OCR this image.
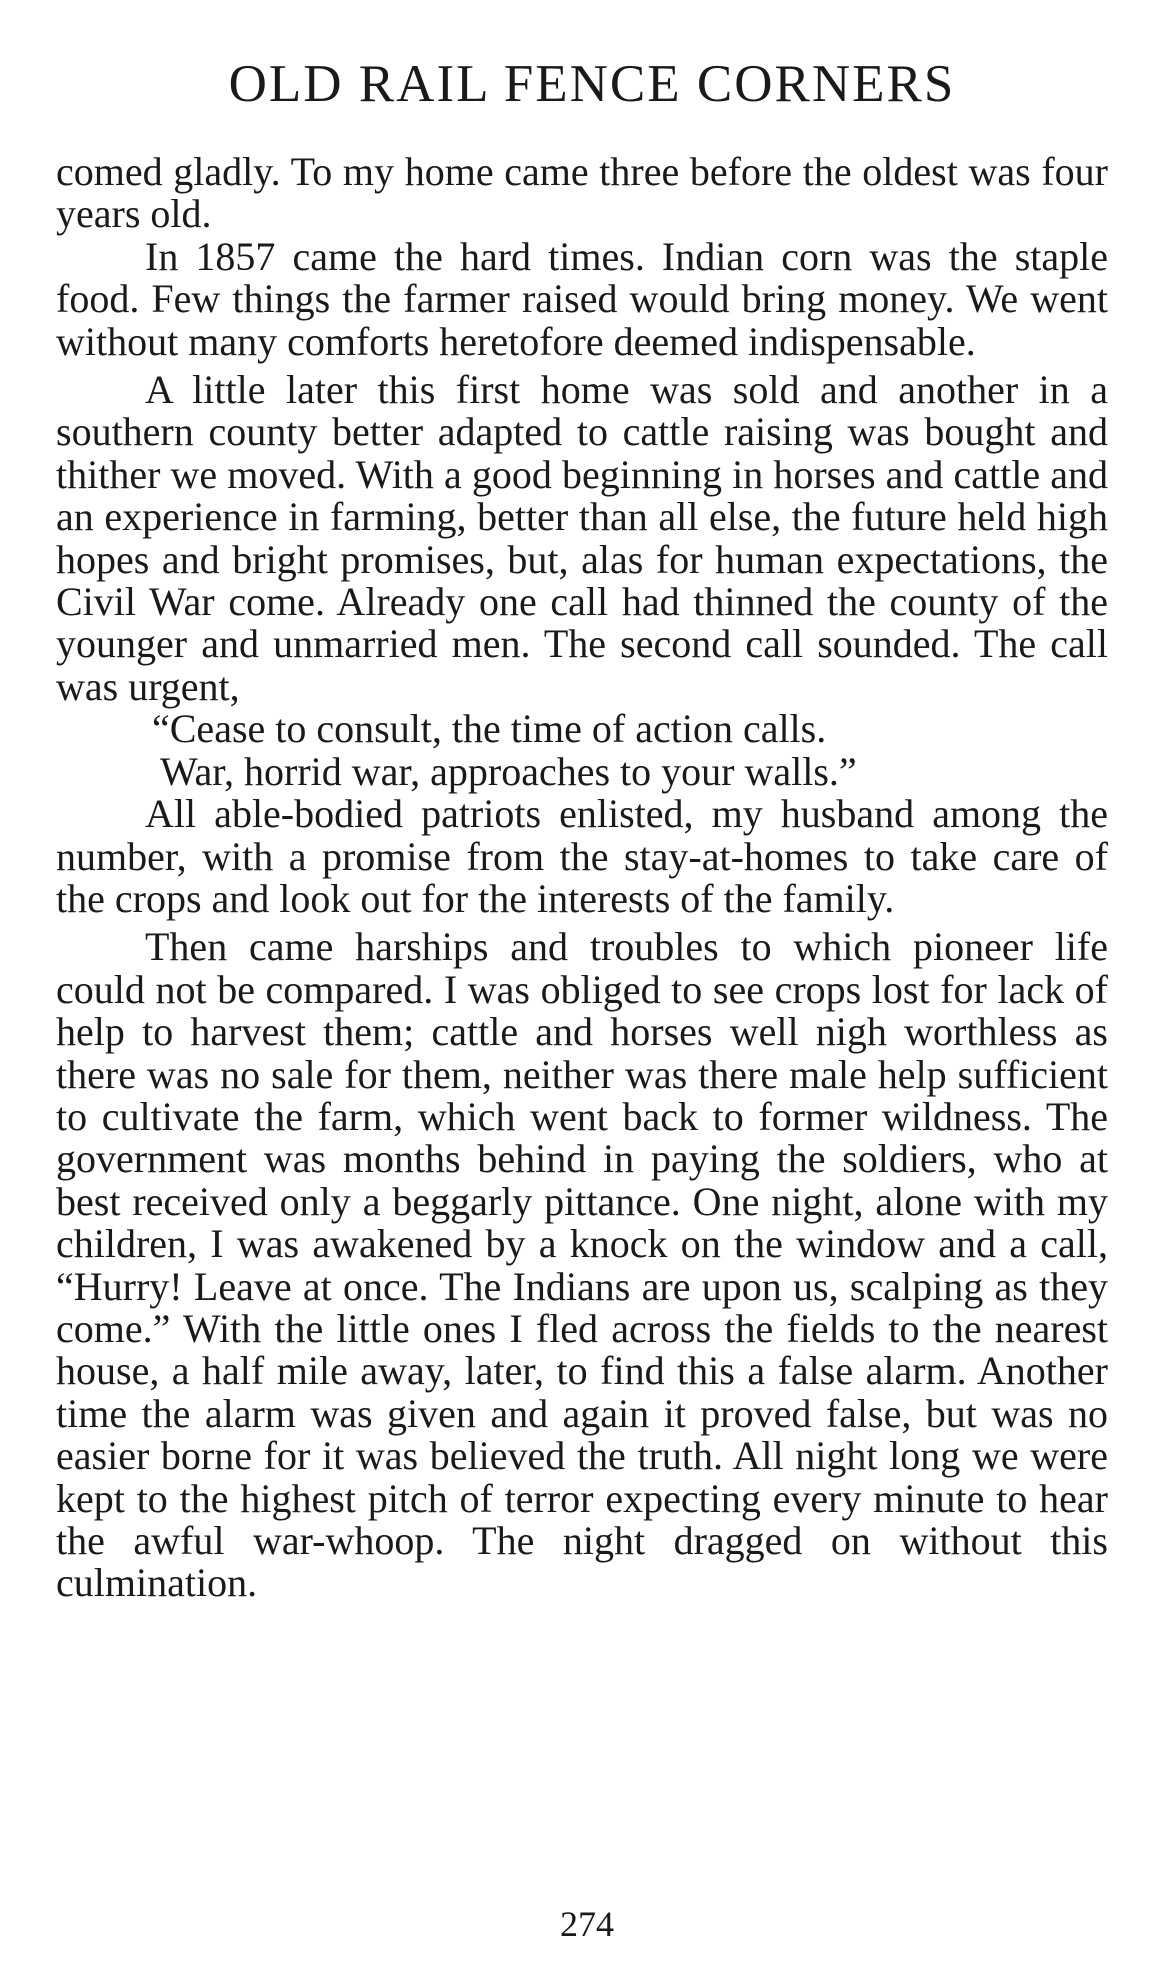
OLD RAIL FENCE CORNERS

comed gladly. To my home came three before the oldest was four years old.

In 1857 came the hard times. Indian corn was the staple food. Few things the farmer raised would bring money. We went without many comforts heretofore deemed indispensable.

A little later this first home was sold and another in a southern county better adapted to cattle raising was bought and thither we moved. With a good beginning in horses and cattle and an experience in farming, better than all else, the future held high hopes and bright promises, but, alas for human expectations, the Civil War come. Already one call had thinned the county of the younger and unmarried men. The second call sounded. The call was urgent,

“Cease to consult, the time of action calls.

War, horrid war, approaches to your walls.”

All able-bodied patriots enlisted, my husband among the number, with a promise from the stay-at-homes to take care of the crops and look out for the interests of the family.

Then came harships and troubles to which pioneer life could not be compared. I was obliged to see crops lost for lack of help to harvest them; cattle and horses well nigh worthless as there was no sale for them, neither was there male help sufficient to cultivate the farm, which went back to former wildness. The government was months behind in paying the soldiers, who at best received only a beggarly pittance. One night, alone with my children, I was awakened by a knock on the window and a call, “Hurry! Leave at once. The Indians are upon us, scalping as they come.” With the little ones I fled across the fields to the nearest house, a half mile away, later, to find this a false alarm. Another time the alarm was given and again it proved false, but was no easier borne for it was believed the truth. All night long we were kept to the highest pitch of terror expecting every minute to hear the awful war-whoop. The night dragged on without this culmination.

274
